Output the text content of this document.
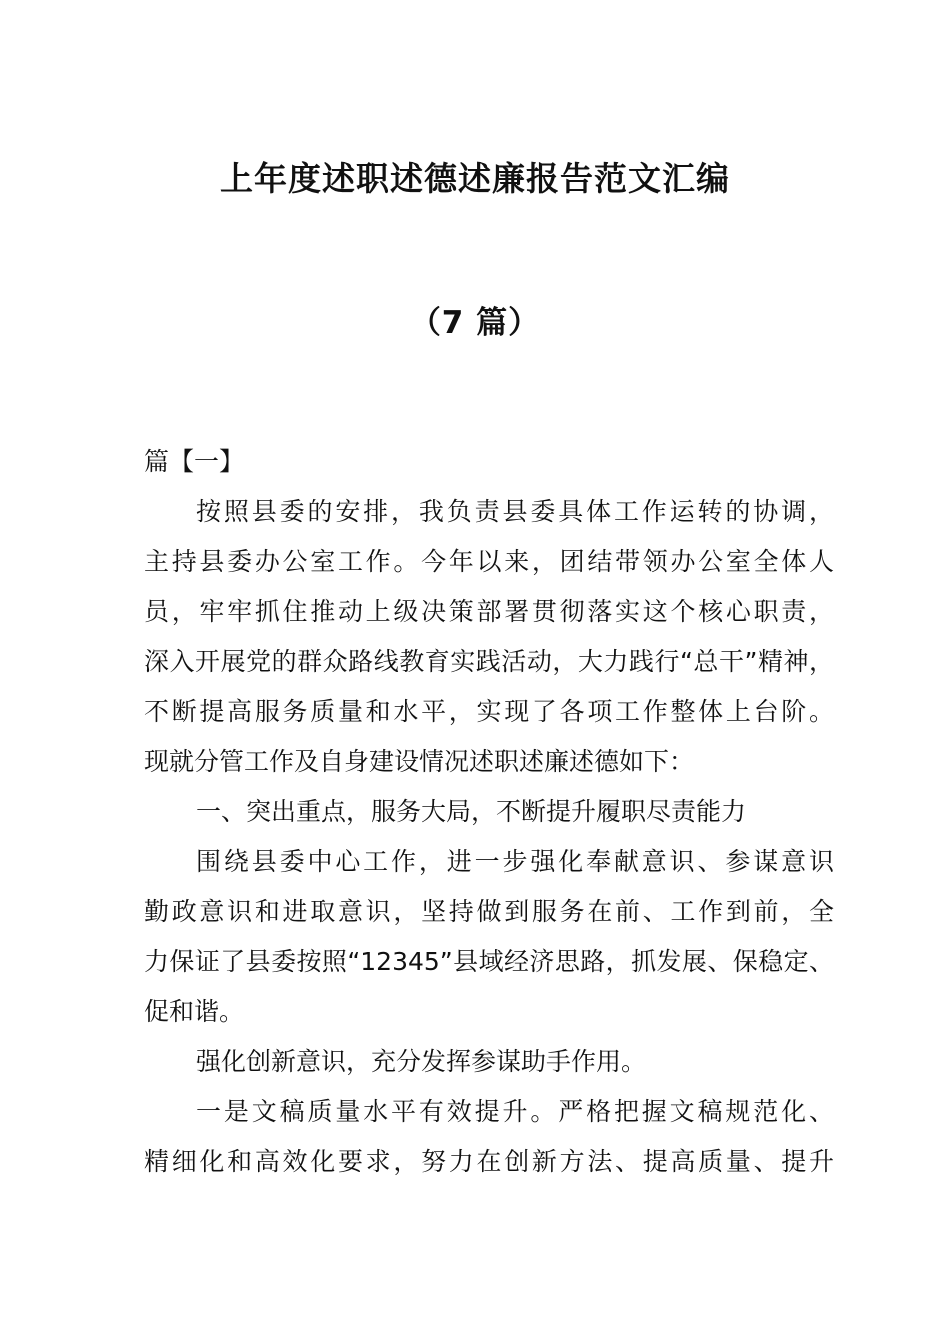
上年度述职述德述廉报告范文汇编
（7 篇）
篇【一】
按照县委的安排，我负责县委具体工作运转的协调，
主持县委办公室工作。今年以来，团结带领办公室全体人
员，牢牢抓住推动上级决策部署贯彻落实这个核心职责，
深入开展党的群众路线教育实践活动，大力践行“总干”精神，
不断提高服务质量和水平，实现了各项工作整体上台阶。
现就分管工作及自身建设情况述职述廉述德如下：
一、突出重点，服务大局，不断提升履职尽责能力
围绕县委中心工作，进一步强化奉献意识、参谋意识
勤政意识和进取意识，坚持做到服务在前、工作到前，全
力保证了县委按照“12345”县域经济思路，抓发展、保稳定、
促和谐。
强化创新意识，充分发挥参谋助手作用。
一是文稿质量水平有效提升。严格把握文稿规范化、
精细化和高效化要求，努力在创新方法、提高质量、提升
